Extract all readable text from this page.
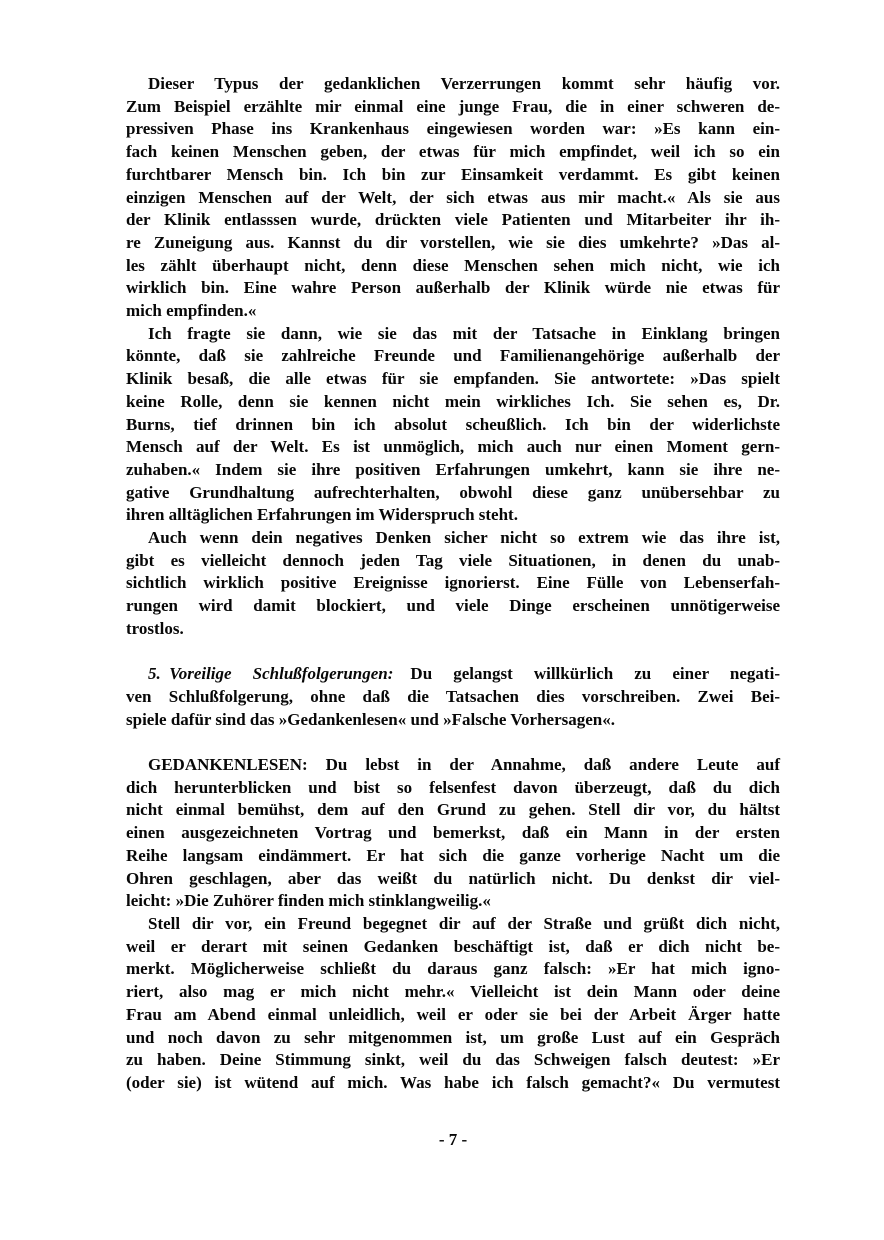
Dieser Typus der gedanklichen Verzerrungen kommt sehr häufig vor.
Zum Beispiel erzählte mir einmal eine junge Frau, die in einer schweren de-
pressiven Phase ins Krankenhaus eingewiesen worden war: »Es kann ein-
fach keinen Menschen geben, der etwas für mich empfindet, weil ich so ein
furchtbarer Mensch bin. Ich bin zur Einsamkeit verdammt. Es gibt keinen
einzigen Menschen auf der Welt, der sich etwas aus mir macht.« Als sie aus
der Klinik entlasssen wurde, drückten viele Patienten und Mitarbeiter ihr ih-
re Zuneigung aus. Kannst du dir vorstellen, wie sie dies umkehrte? »Das al-
les zählt überhaupt nicht, denn diese Menschen sehen mich nicht, wie ich
wirklich bin. Eine wahre Person außerhalb der Klinik würde nie etwas für
mich empfinden.«
Ich fragte sie dann, wie sie das mit der Tatsache in Einklang bringen
könnte, daß sie zahlreiche Freunde und Familienangehörige außerhalb der
Klinik besaß, die alle etwas für sie empfanden. Sie antwortete: »Das spielt
keine Rolle, denn sie kennen nicht mein wirkliches Ich. Sie sehen es, Dr.
Burns, tief drinnen bin ich absolut scheußlich. Ich bin der widerlichste
Mensch auf der Welt. Es ist unmöglich, mich auch nur einen Moment gern-
zuhaben.« Indem sie ihre positiven Erfahrungen umkehrt, kann sie ihre ne-
gative Grundhaltung aufrechterhalten, obwohl diese ganz unübersehbar zu
ihren alltäglichen Erfahrungen im Widerspruch steht.
Auch wenn dein negatives Denken sicher nicht so extrem wie das ihre ist,
gibt es vielleicht dennoch jeden Tag viele Situationen, in denen du unab-
sichtlich wirklich positive Ereignisse ignorierst. Eine Fülle von Lebenserfah-
rungen wird damit blockiert, und viele Dinge erscheinen unnötigerweise
trostlos.
5. Voreilige Schlußfolgerungen:  Du gelangst willkürlich zu einer negati-
ven Schlußfolgerung, ohne daß die Tatsachen dies vorschreiben. Zwei Bei-
spiele dafür sind das »Gedankenlesen« und »Falsche Vorhersagen«.
GEDANKENLESEN: Du lebst in der Annahme, daß andere Leute auf
dich herunterblicken und bist so felsenfest davon überzeugt, daß du dich
nicht einmal bemühst, dem auf den Grund zu gehen. Stell dir vor, du hältst
einen ausgezeichneten Vortrag und bemerkst, daß ein Mann in der ersten
Reihe langsam eindämmert. Er hat sich die ganze vorherige Nacht um die
Ohren geschlagen, aber das weißt du natürlich nicht. Du denkst dir viel-
leicht: »Die Zuhörer finden mich stinklangweilig.«
Stell dir vor, ein Freund begegnet dir auf der Straße und grüßt dich nicht,
weil er derart mit seinen Gedanken beschäftigt ist, daß er dich nicht be-
merkt. Möglicherweise schließt du daraus ganz falsch: »Er hat mich igno-
riert, also mag er mich nicht mehr.« Vielleicht ist dein Mann oder deine
Frau am Abend einmal unleidlich, weil er oder sie bei der Arbeit Ärger hatte
und noch davon zu sehr mitgenommen ist, um große Lust auf ein Gespräch
zu haben. Deine Stimmung sinkt, weil du das Schweigen falsch deutest: »Er
(oder sie) ist wütend auf mich. Was habe ich falsch gemacht?« Du vermutest
- 7 -
